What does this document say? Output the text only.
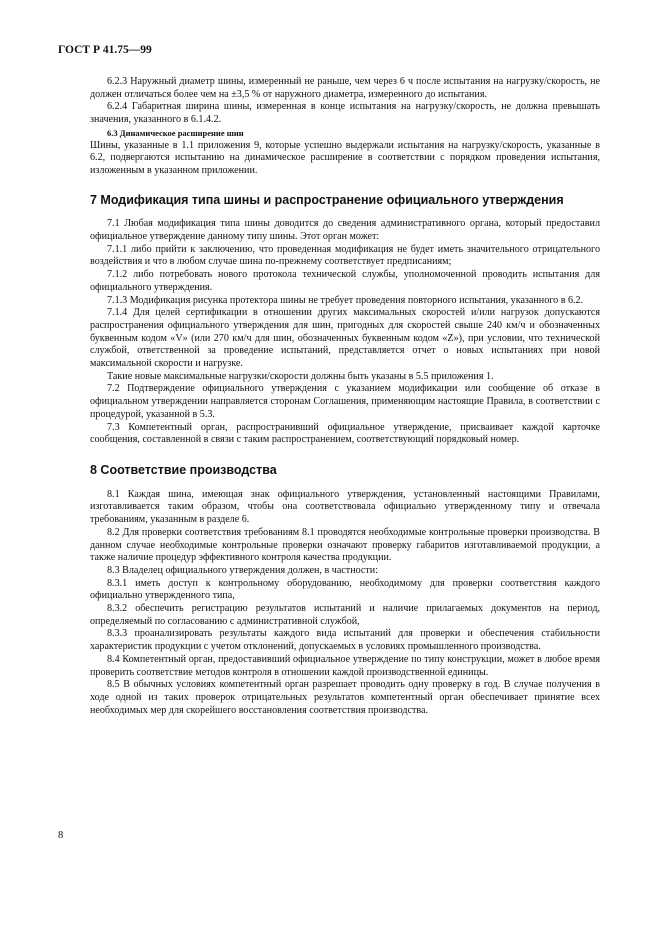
ГОСТ Р 41.75—99

6.2.3 Наружный диаметр шины, измеренный не раньше, чем через 6 ч после испытания на нагрузку/скорость, не должен отличаться более чем на ±3,5 % от наружного диаметра, измеренного до испытания.

6.2.4 Габаритная ширина шины, измеренная в конце испытания на нагрузку/скорость, не должна превышать значения, указанного в 6.1.4.2.

6.3 Динамическое расширение шин

Шины, указанные в 1.1 приложения 9, которые успешно выдержали испытания на нагрузку/скорость, указанные в 6.2, подвергаются испытанию на динамическое расширение в соответствии с порядком проведения испытания, изложенным в указанном приложении.

7 Модификация типа шины и распространение официального утверждения

7.1 Любая модификация типа шины доводится до сведения административного органа, который предоставил официальное утверждение данному типу шины. Этот орган может:

7.1.1 либо прийти к заключению, что проведенная модификация не будет иметь значительного отрицательного воздействия и что в любом случае шина по-прежнему соответствует предписаниям;

7.1.2 либо потребовать нового протокола технической службы, уполномоченной проводить испытания для официального утверждения.

7.1.3 Модификация рисунка протектора шины не требует проведения повторного испытания, указанного в 6.2.

7.1.4 Для целей сертификации в отношении других максимальных скоростей и/или нагрузок допускаются распространения официального утверждения для шин, пригодных для скоростей свыше 240 км/ч и обозначенных буквенным кодом «V» (или 270 км/ч для шин, обозначенных буквенным кодом «Z»), при условии, что технической службой, ответственной за проведение испытаний, представляется отчет о новых испытаниях при новой максимальной скорости и нагрузке.

Такие новые максимальные нагрузки/скорости должны быть указаны в 5.5 приложения 1.

7.2 Подтверждение официального утверждения с указанием модификации или сообщение об отказе в официальном утверждении направляется сторонам Соглашения, применяющим настоящие Правила, в соответствии с процедурой, указанной в 5.3.

7.3 Компетентный орган, распространивший официальное утверждение, присваивает каждой карточке сообщения, составленной в связи с таким распространением, соответствующий порядковый номер.

8 Соответствие производства

8.1 Каждая шина, имеющая знак официального утверждения, установленный настоящими Правилами, изготавливается таким образом, чтобы она соответствовала официально утвержденному типу и отвечала требованиям, указанным в разделе 6.

8.2 Для проверки соответствия требованиям 8.1 проводятся необходимые контрольные проверки производства. В данном случае необходимые контрольные проверки означают проверку габаритов изготавливаемой продукции, а также наличие процедур эффективного контроля качества продукции.

8.3 Владелец официального утверждения должен, в частности:

8.3.1 иметь доступ к контрольному оборудованию, необходимому для проверки соответствия каждого официально утвержденного типа,

8.3.2 обеспечить регистрацию результатов испытаний и наличие прилагаемых документов на период, определяемый по согласованию с административной службой,

8.3.3 проанализировать результаты каждого вида испытаний для проверки и обеспечения стабильности характеристик продукции с учетом отклонений, допускаемых в условиях промышленного производства.

8.4 Компетентный орган, предоставивший официальное утверждение по типу конструкции, может в любое время проверить соответствие методов контроля в отношении каждой производственной единицы.

8.5 В обычных условиях компетентный орган разрешает проводить одну проверку в год. В случае получения в ходе одной из таких проверок отрицательных результатов компетентный орган обеспечивает принятие всех необходимых мер для скорейшего восстановления соответствия производства.

8
